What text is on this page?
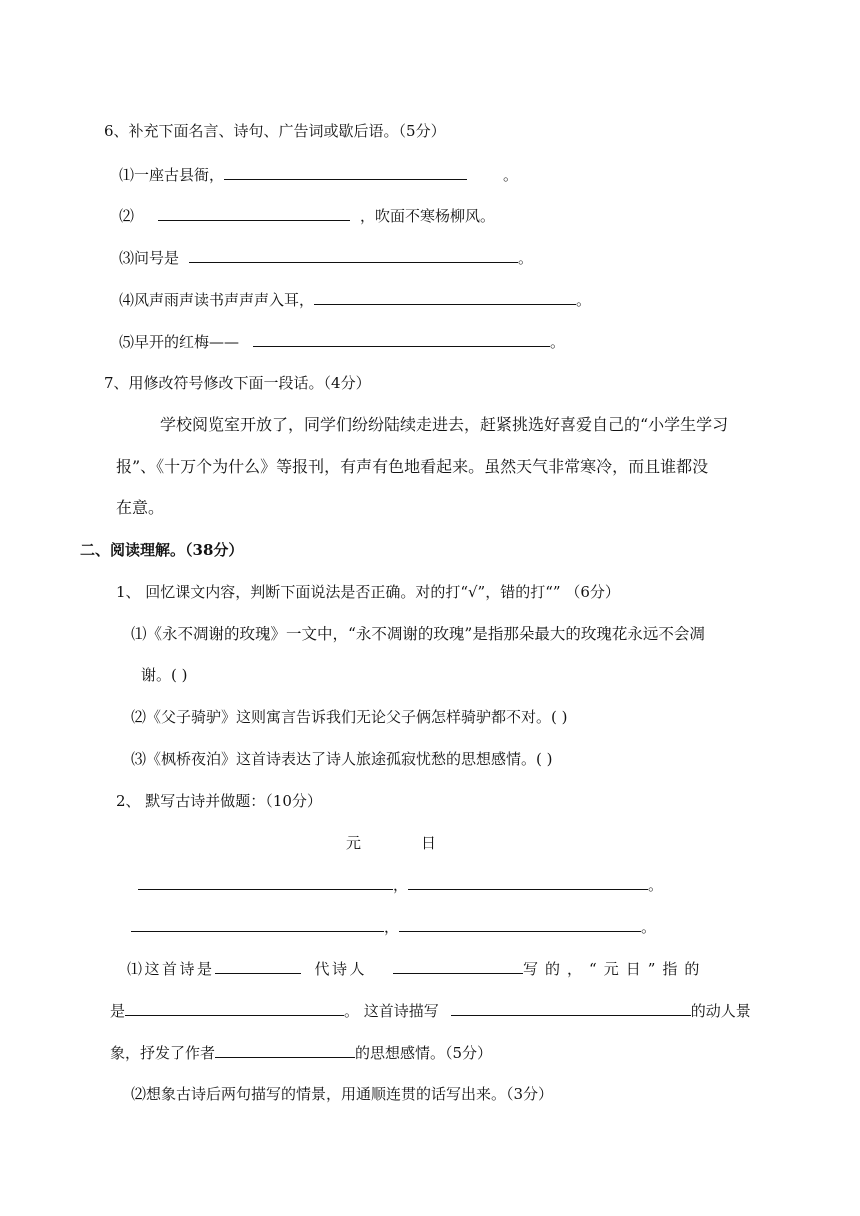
6、补充下面名言、诗句、广告词或歇后语。（5分）
⑴一座古县衙，	。
⑵	，吹面不寒杨柳风。
⑶问号是	。
⑷风声雨声读书声声声入耳，	。
⑸早开的红梅——	。
7、用修改符号修改下面一段话。（4分）
学校阅览室开放了，同学们纷纷陆续走进去，赶紧挑选好喜爱自己的“小学生学习
报”、《十万个为什么》等报刊，有声有色地看起来。虽然天气非常寒冷，而且谁都没
在意。
二、阅读理解。（38分）
1、 回忆课文内容，判断下面说法是否正确。对的打“√”，错的打“” （6分）
⑴《永不凋谢的玫瑰》一文中，“永不凋谢的玫瑰”是指那朵最大的玫瑰花永远不会凋
谢。( )
⑵《父子骑驴》这则寓言告诉我们无论父子俩怎样骑驴都不对。( )
⑶《枫桥夜泊》这首诗表达了诗人旅途孤寂忧愁的思想感情。( )
2、 默写古诗并做题：（10分）
元	日
，	。
，	。
⑴这首诗是	代诗人	写的，“元日”指的
是	。 这首诗描写	的动人景
象，抒发了作者	的思想感情。（5分）
⑵想象古诗后两句描写的情景，用通顺连贯的话写出来。（3分）
